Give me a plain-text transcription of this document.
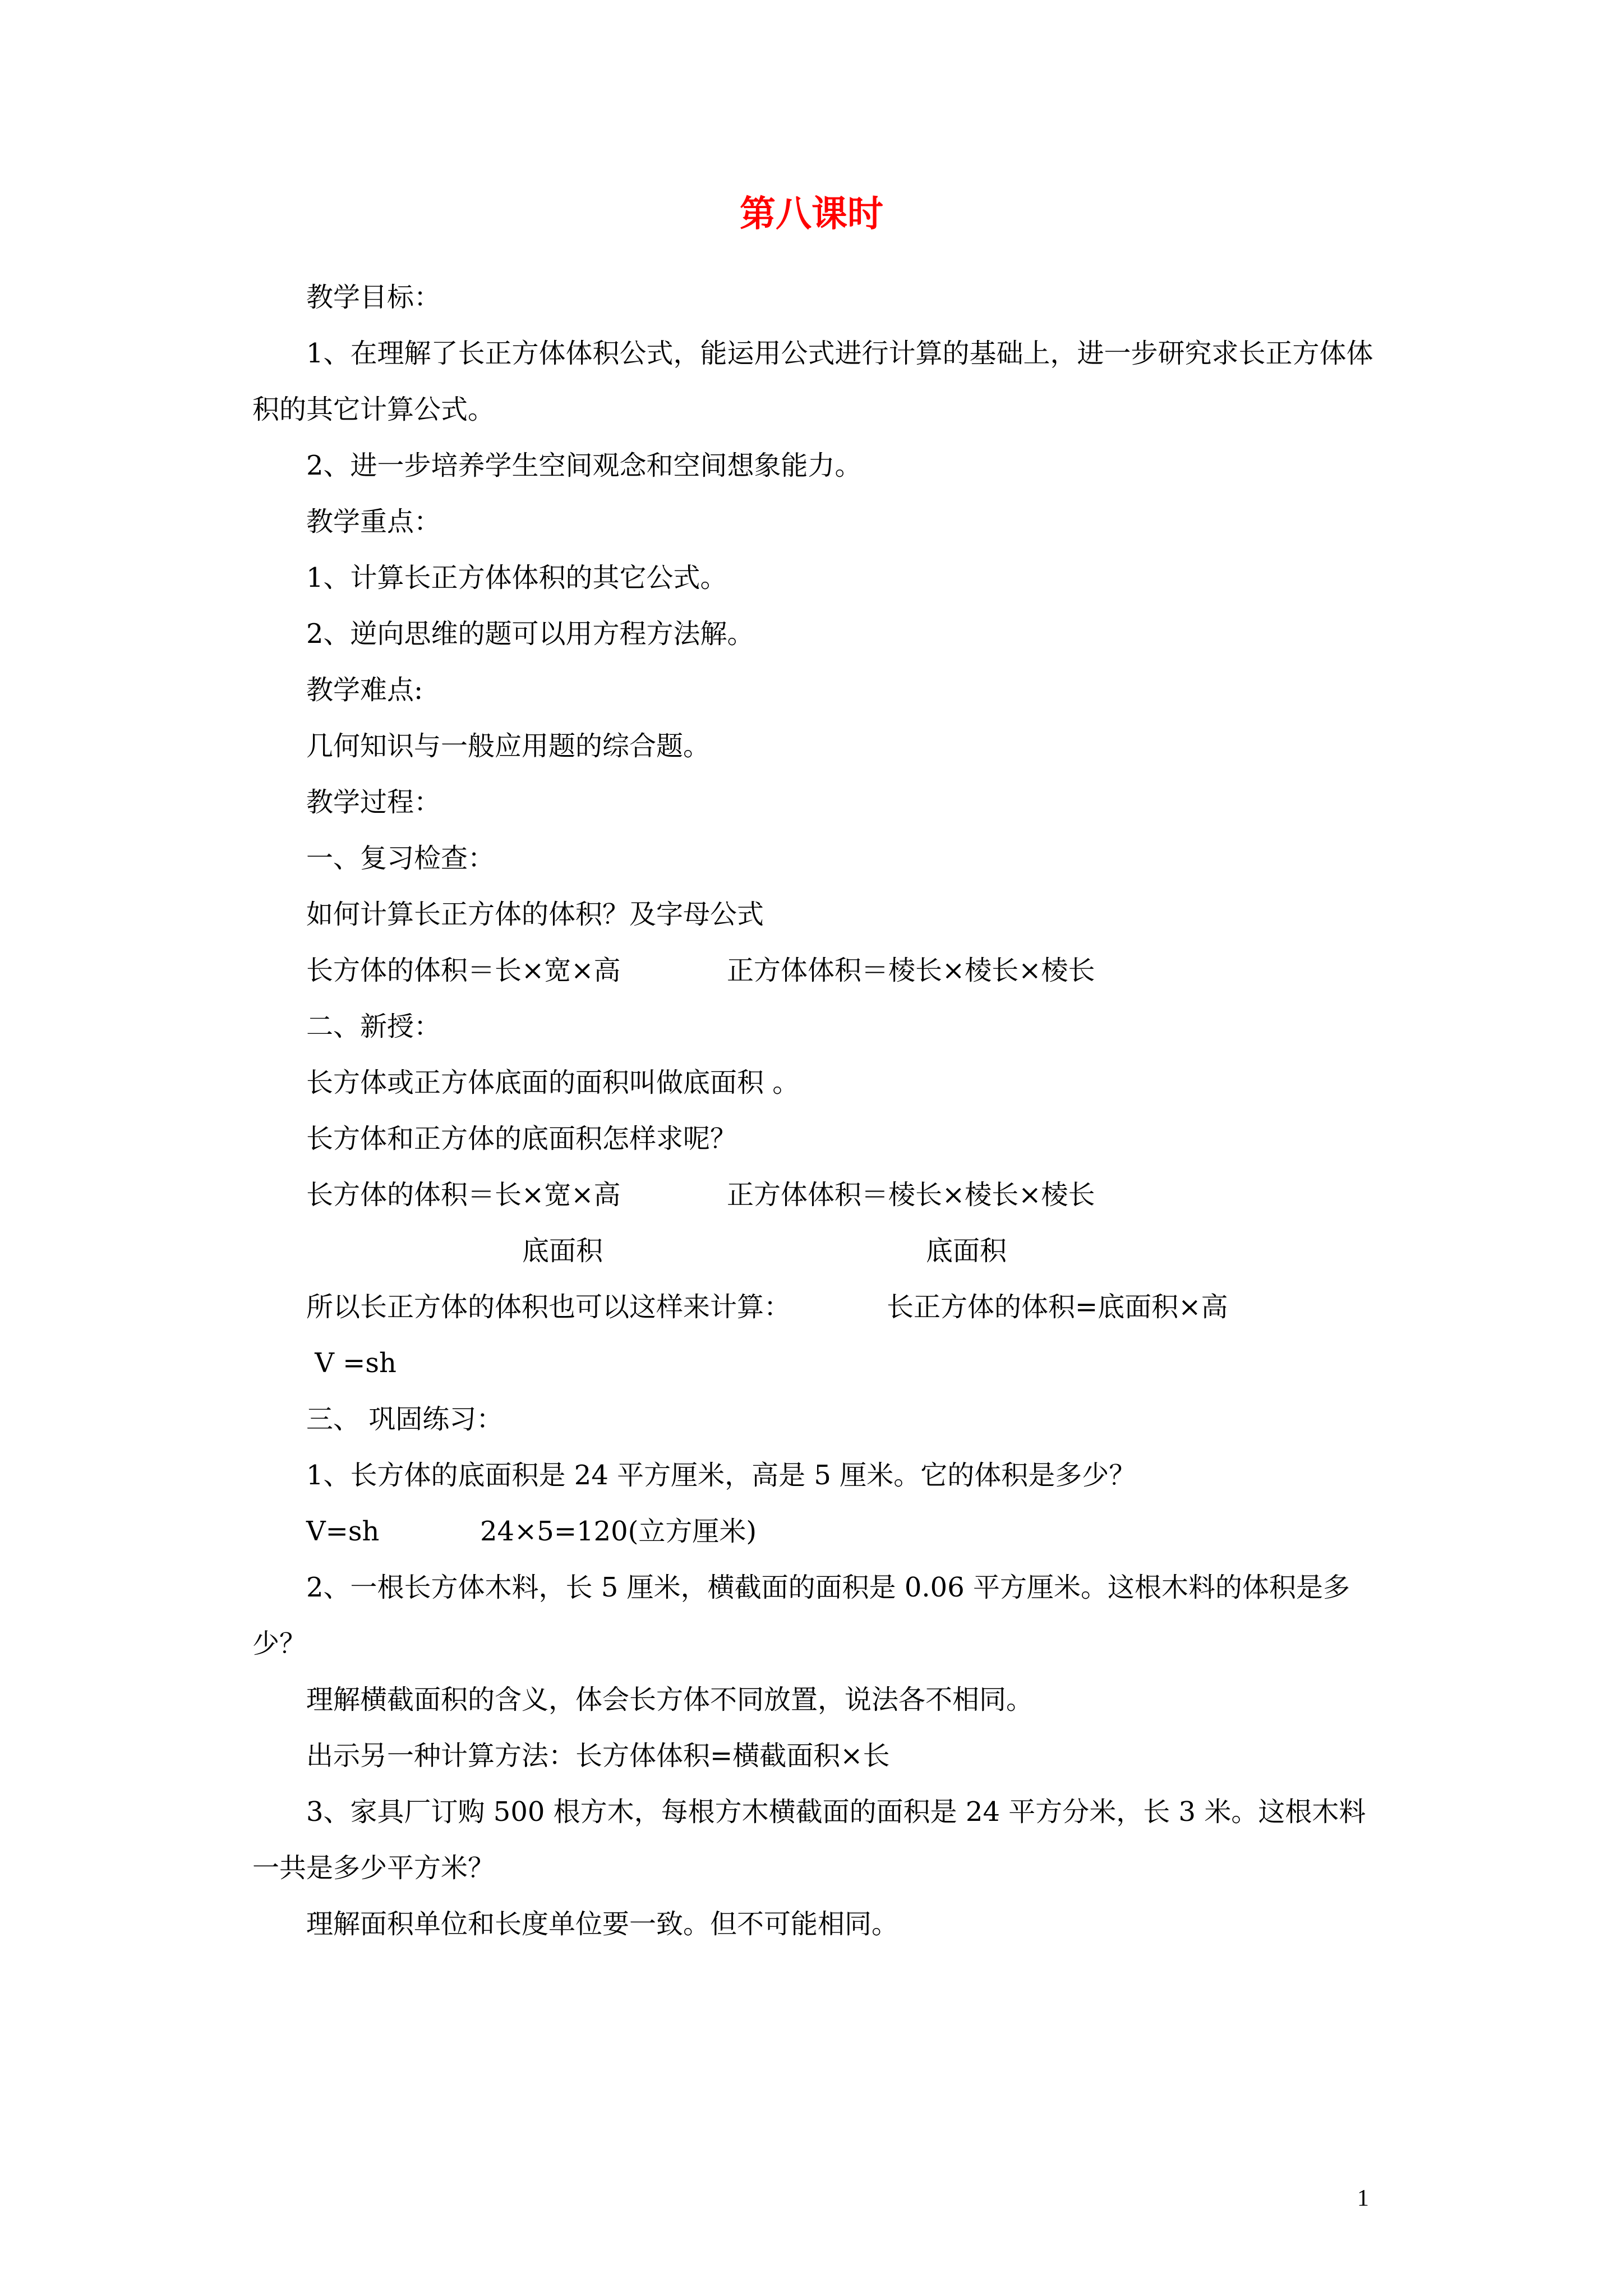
第八课时

教学目标：

1、在理解了长正方体体积公式，能运用公式进行计算的基础上，进一步研究求长正方体体积的其它计算公式。

2、进一步培养学生空间观念和空间想象能力。

教学重点：

1、计算长正方体体积的其它公式。

2、逆向思维的题可以用方程方法解。

教学难点:

几何知识与一般应用题的综合题。

教学过程：

一、复习检查：

如何计算长正方体的体积？及字母公式

长方体的体积＝长×宽×高	正方体体积＝棱长×棱长×棱长

二、新授：

长方体或正方体底面的面积叫做底面积 。

长方体和正方体的底面积怎样求呢？

长方体的体积＝长×宽×高	正方体体积＝棱长×棱长×棱长
底面积	底面积
所以长正方体的体积也可以这样来计算：	长正方体的体积=底面积×高

V =sh

三、 巩固练习：

1、长方体的底面积是 24 平方厘米，高是 5 厘米。它的体积是多少？

V=sh	24×5=120(立方厘米)

2、一根长方体木料，长 5 厘米，横截面的面积是 0.06 平方厘米。这根木料的体积是多少？

理解横截面积的含义，体会长方体不同放置，说法各不相同。

出示另一种计算方法：长方体体积=横截面积×长

3、家具厂订购 500 根方木，每根方木横截面的面积是 24 平方分米，长 3 米。这根木料一共是多少平方米？

理解面积单位和长度单位要一致。但不可能相同。

1
